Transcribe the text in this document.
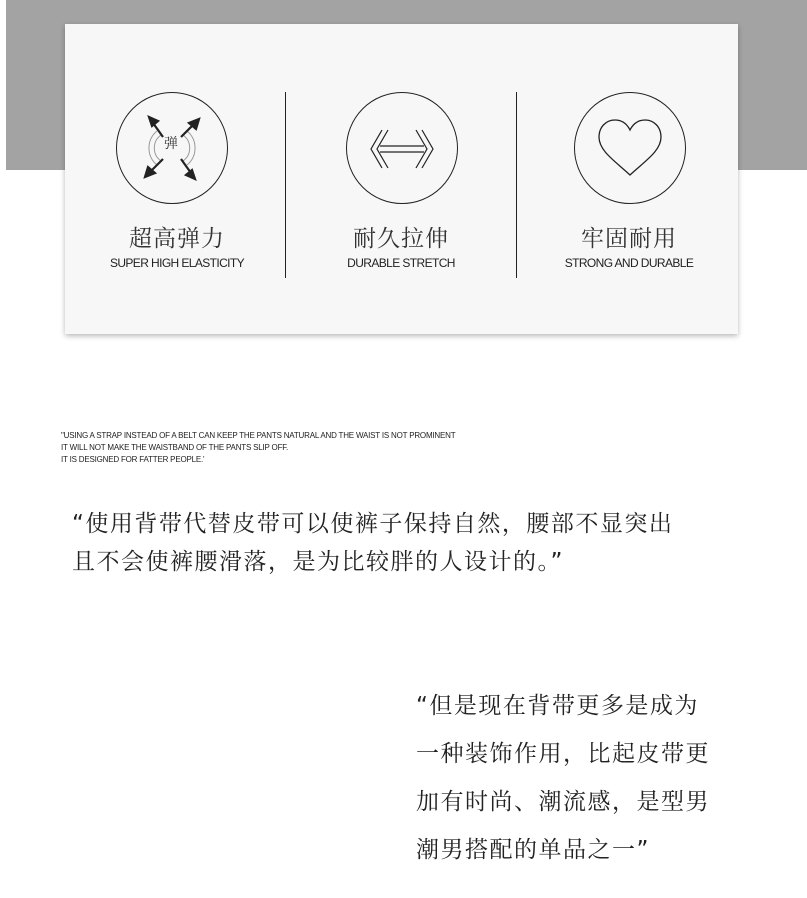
弹
超高弹力
SUPER HIGH ELASTICITY
耐久拉伸
DURABLE STRETCH
牢固耐用
STRONG AND DURABLE
"USING A STRAP INSTEAD OF A BELT CAN KEEP THE PANTS NATURAL AND THE WAIST IS NOT PROMINENT
IT WILL NOT MAKE THE WAISTBAND OF THE PANTS SLIP OFF.
IT IS DESIGNED FOR FATTER PEOPLE.'
“使用背带代替皮带可以使裤子保持自然，腰部不显突出
且不会使裤腰滑落，是为比较胖的人设计的。”
“但是现在背带更多是成为
一种装饰作用，比起皮带更
加有时尚、潮流感，是型男
潮男搭配的单品之一”
